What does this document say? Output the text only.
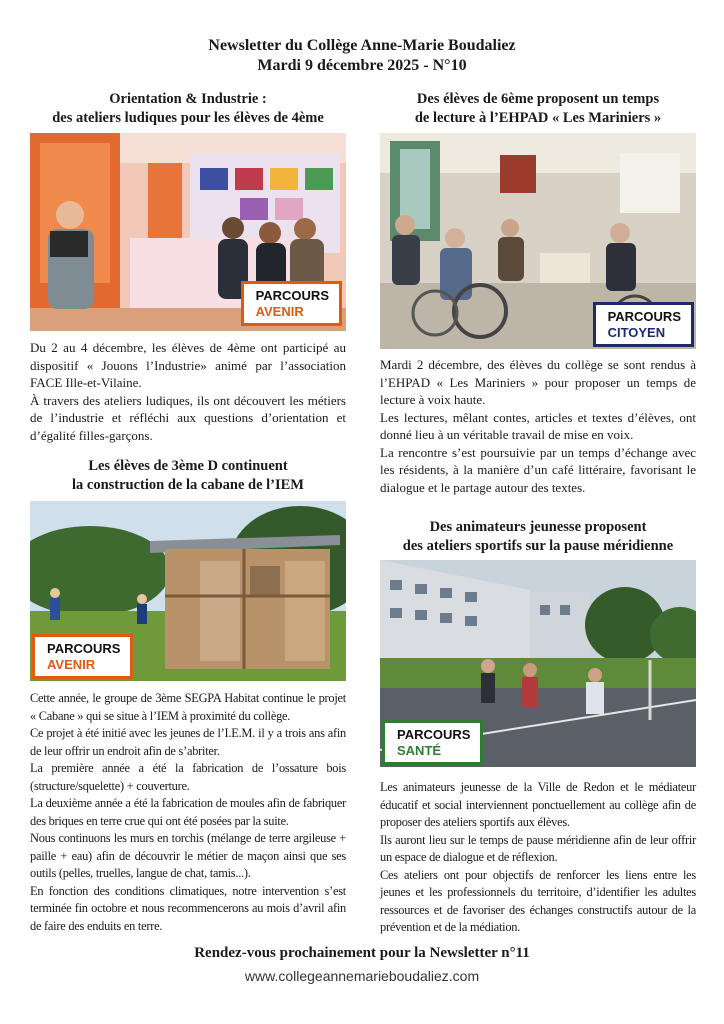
Newsletter du Collège Anne-Marie Boudaliez
Mardi 9 décembre 2025 - N°10
Orientation & Industrie :
des ateliers ludiques pour les élèves de 4ème
PARCOURS
AVENIR

Du 2 au 4 décembre, les élèves de 4ème ont participé au dispositif « Jouons l’Industrie» animé par l’association FACE Ille-et-Vilaine.

À travers des ateliers ludiques, ils ont découvert les métiers de l’industrie et réfléchi aux questions d’orientation et d’égalité filles-garçons.

Les élèves de 3ème D continuent
la construction de la cabane de l’IEM
PARCOURS
AVENIR

Cette année, le groupe de 3ème SEGPA Habitat continue le projet « Cabane » qui se situe à l’IEM à proximité du collège.

Ce projet à été initié avec les jeunes de l’I.E.M. il y a trois ans afin de leur offrir un endroit afin de s’abriter.

La première année a été la fabrication de l’ossature bois (structure/squelette) + couverture.

La deuxième année a été la fabrication de moules afin de fabriquer des briques en terre crue qui ont été posées par la suite.

Nous continuons les murs en torchis (mélange de terre argileuse + paille + eau) afin de découvrir le métier de maçon ainsi que ses outils (pelles, truelles, langue de chat, tamis...).

En fonction des conditions climatiques, notre intervention s’est terminée fin octobre et nous recommencerons au mois d’avril afin de faire des enduits en terre.

Des élèves de 6ème proposent un temps
de lecture à l’EHPAD « Les Mariniers »
PARCOURS
CITOYEN

Mardi 2 décembre, des élèves du collège se sont rendus à l’EHPAD « Les Mariniers » pour proposer un temps de lecture à voix haute.

Les lectures, mêlant contes, articles et textes d’élèves, ont donné lieu à un véritable travail de mise en voix.

La rencontre s’est poursuivie par un temps d’échange avec les résidents, à la manière d’un café littéraire, favorisant le dialogue et le partage autour des textes.

Des animateurs jeunesse proposent
des ateliers sportifs sur la pause méridienne
PARCOURS
SANTÉ

Les animateurs jeunesse de la Ville de Redon et le médiateur éducatif et social interviennent ponctuellement au collège afin de proposer des ateliers sportifs aux élèves.

Ils auront lieu sur le temps de pause méridienne afin de leur offrir un espace de dialogue et de réflexion.

Ces ateliers ont pour objectifs de renforcer les liens entre les jeunes et les professionnels du territoire, d’identifier les adultes ressources et de favoriser des échanges constructifs autour de la prévention et de la médiation.

Rendez-vous prochainement pour la Newsletter n°11
www.collegeannemarieboudaliez.com
